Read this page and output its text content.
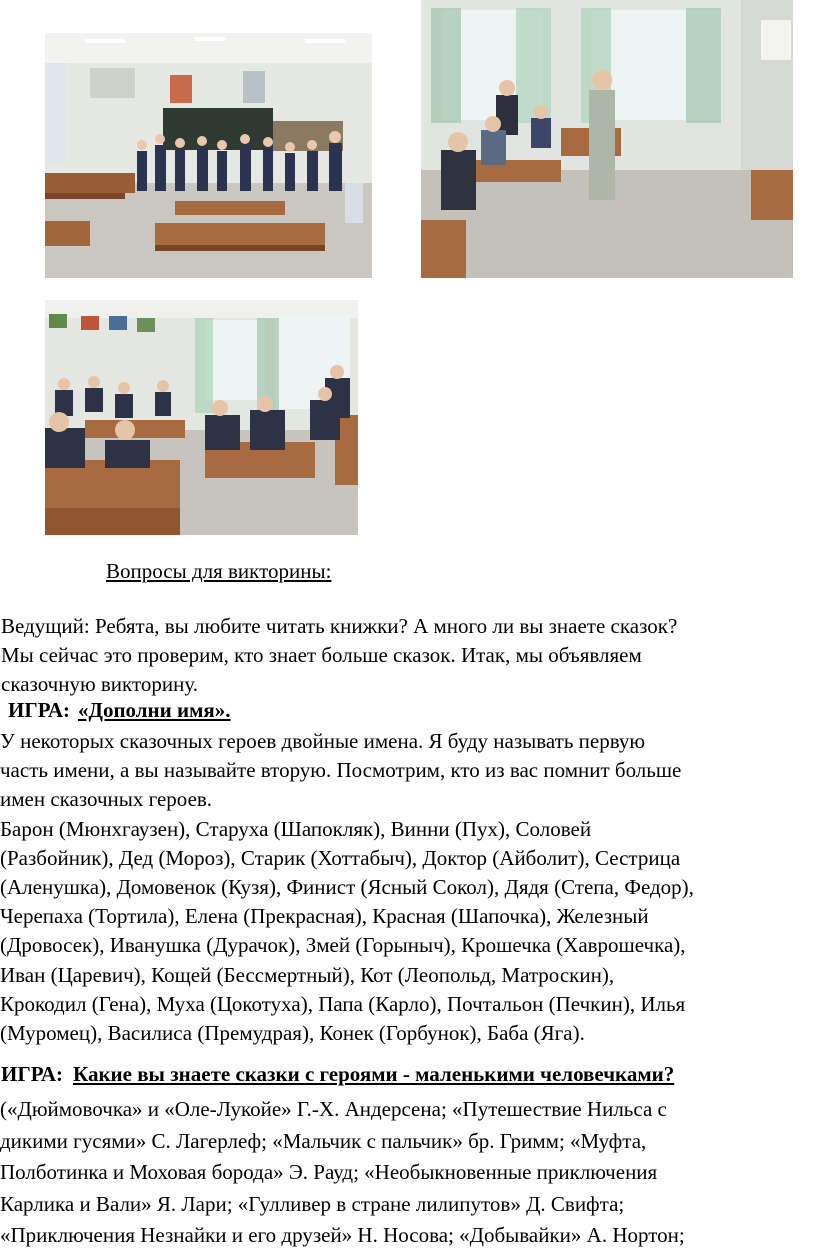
Вопросы для викторины:
Ведущий: Ребята, вы любите читать книжки? А много ли вы знаете сказок?
Мы сейчас это проверим, кто знает больше сказок. Итак, мы объявляем
сказочную викторину.
ИГРА: «Дополни имя».
У некоторых сказочных героев двойные имена. Я буду называть первую
часть имени, а вы называйте вторую. Посмотрим, кто из вас помнит больше
имен сказочных героев.
Барон (Мюнхгаузен), Старуха (Шапокляк), Винни (Пух), Соловей
(Разбойник), Дед (Мороз), Старик (Хоттабыч), Доктор (Айболит), Сестрица
(Аленушка), Домовенок (Кузя), Финист (Ясный Сокол), Дядя (Степа, Федор),
Черепаха (Тортила), Елена (Прекрасная), Красная (Шапочка), Железный
(Дровосек), Иванушка (Дурачок), Змей (Горыныч), Крошечка (Хаврошечка),
Иван (Царевич), Кощей (Бессмертный), Кот (Леопольд, Матроскин),
Крокодил (Гена), Муха (Цокотуха), Папа (Карло), Почтальон (Печкин), Илья
(Муромец), Василиса (Премудрая), Конек (Горбунок), Баба (Яга).
ИГРА: Какие вы знаете сказки с героями - маленькими человечками?
(«Дюймовочка» и «Оле-Лукойе» Г.-Х. Андерсена; «Путешествие Нильса с
дикими гусями» С. Лагерлеф; «Мальчик с пальчик» бр. Гримм; «Муфта,
Полботинка и Моховая борода» Э. Рауд; «Необыкновенные приключения
Карлика и Вали» Я. Лари; «Гулливер в стране лилипутов» Д. Свифта;
«Приключения Незнайки и его друзей» Н. Носова; «Добывайки» А. Нортон;
